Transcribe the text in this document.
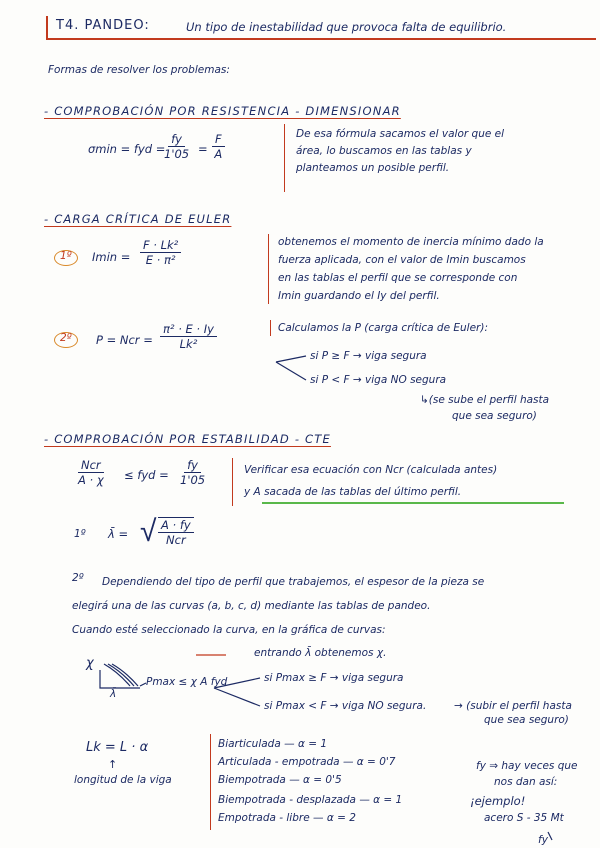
T4. PANDEO:	Un tipo de inestabilidad que provoca falta de equilibrio.
Formas de resolver los problemas:
- COMPROBACIÓN POR RESISTENCIA - DIMENSIONAR
σmin = fyd =
$\frac{fy}{1'05} = \frac{F}{A}$	De esa fórmula sacamos el valor que el
área, lo buscamos en las tablas y
planteamos un posible perfil.
- CARGA CRÍTICA DE EULER
1º $Imin = \frac{\text{F · Lk²}}{\text{E · π²}}$	obtenemos el momento de inercia mínimo dado la
fuerza aplicada, con el valor de Imin buscamos
en las tablas el perfil que se corresponde con
Imin guardando el Iy del perfil.
2º P = Ncr = $\frac{\text{π² · E · Iy}}{\text{Lk²}}$	Calculamos la P (carga crítica de Euler):
si P ≥ F → viga segura
si P < F → viga NO segura
↳(se sube el perfil hasta
que sea seguro)
- COMPROBACIÓN POR ESTABILIDAD - CTE
Ncr
A · χ ≤ fyd = $\frac{fy}{1'05}$	Verificar esa ecuación con Ncr (calculada antes)
y A sacada de las tablas del último perfil.
1º λ̄ = √ A · fy
Ncr
2º Dependiendo del tipo de perfil que trabajemos, el espesor de la pieza se
elegirá una de las curvas (a, b, c, d) mediante las tablas de pandeo.
Cuando esté seleccionado la curva, en la gráfica de curvas:
entrando λ̄ obtenemos χ.
χ
λ̄
Pmax ≤ χ A fyd	si Pmax ≥ F → viga segura
si Pmax < F → viga NO segura.	→ (subir el perfil hasta
que sea seguro)
Lk = L · α
↑
longitud de la viga
Biarticulada — α = 1
Articulada - empotrada — α = 0'7
Biempotrada — α = 0'5
Biempotrada - desplazada — α = 1
Empotrada - libre — α = 2
fy ⇒ hay veces que
nos dan así:
¡ejemplo!
acero S - 35 Mt
fy
